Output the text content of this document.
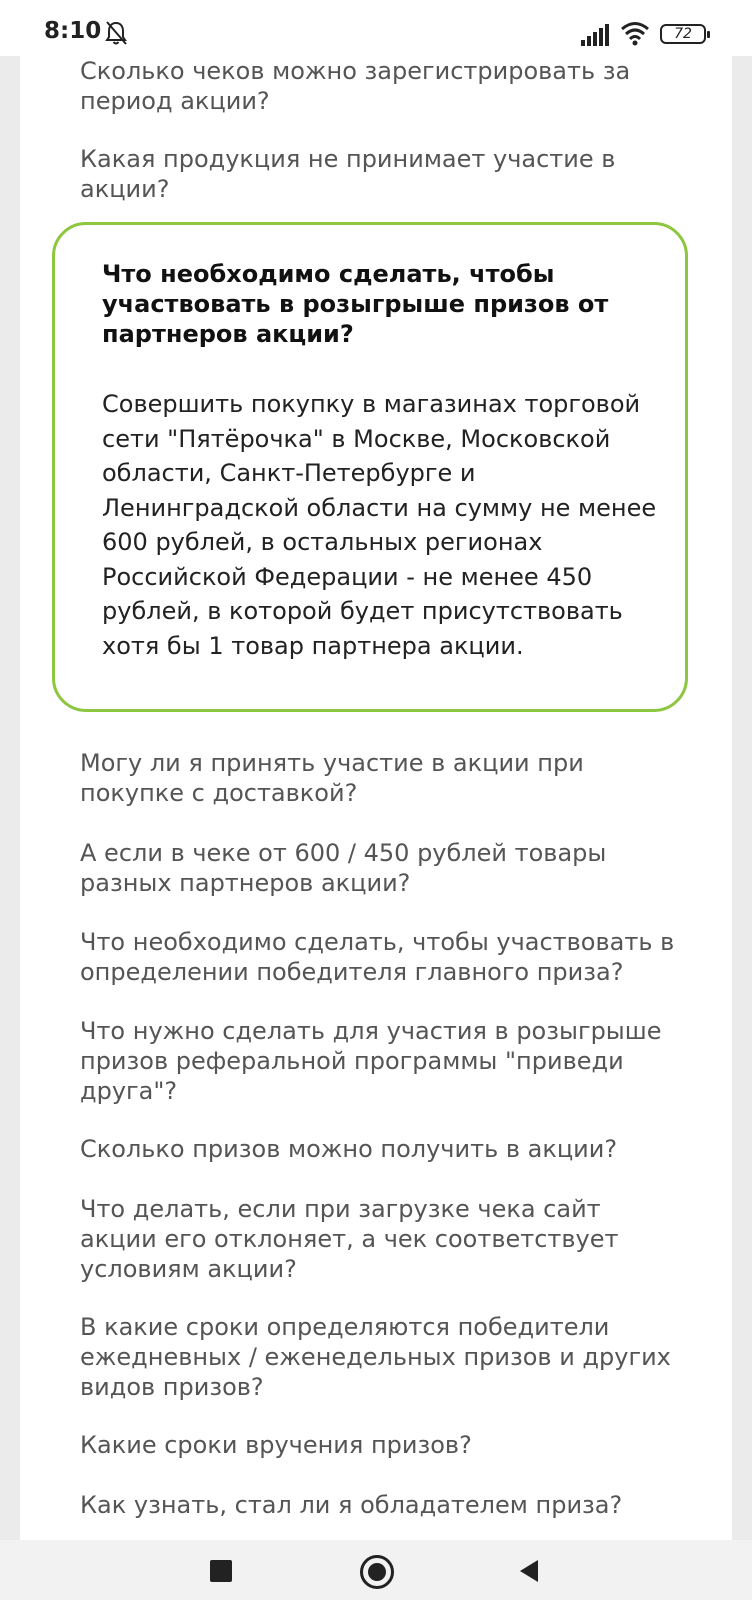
8:10	72
Сколько чеков можно зарегистрировать за период акции?
Какая продукция не принимает участие в акции?
Что необходимо сделать, чтобы участвовать в розыгрыше призов от партнеров акции?
Совершить покупку в магазинах торговой сети "Пятёрочка" в Москве, Московской области, Санкт-Петербурге и Ленинградской области на сумму не менее 600 рублей, в остальных регионах Российской Федерации - не менее 450 рублей, в которой будет присутствовать хотя бы 1 товар партнера акции.
Могу ли я принять участие в акции при покупке с доставкой?
А если в чеке от 600 / 450 рублей товары разных партнеров акции?
Что необходимо сделать, чтобы участвовать в определении победителя главного приза?
Что нужно сделать для участия в розыгрыше призов реферальной программы "приведи друга"?
Сколько призов можно получить в акции?
Что делать, если при загрузке чека сайт акции его отклоняет, а чек соответствует условиям акции?
В какие сроки определяются победители ежедневных / еженедельных призов и других видов призов?
Какие сроки вручения призов?
Как узнать, стал ли я обладателем приза?
